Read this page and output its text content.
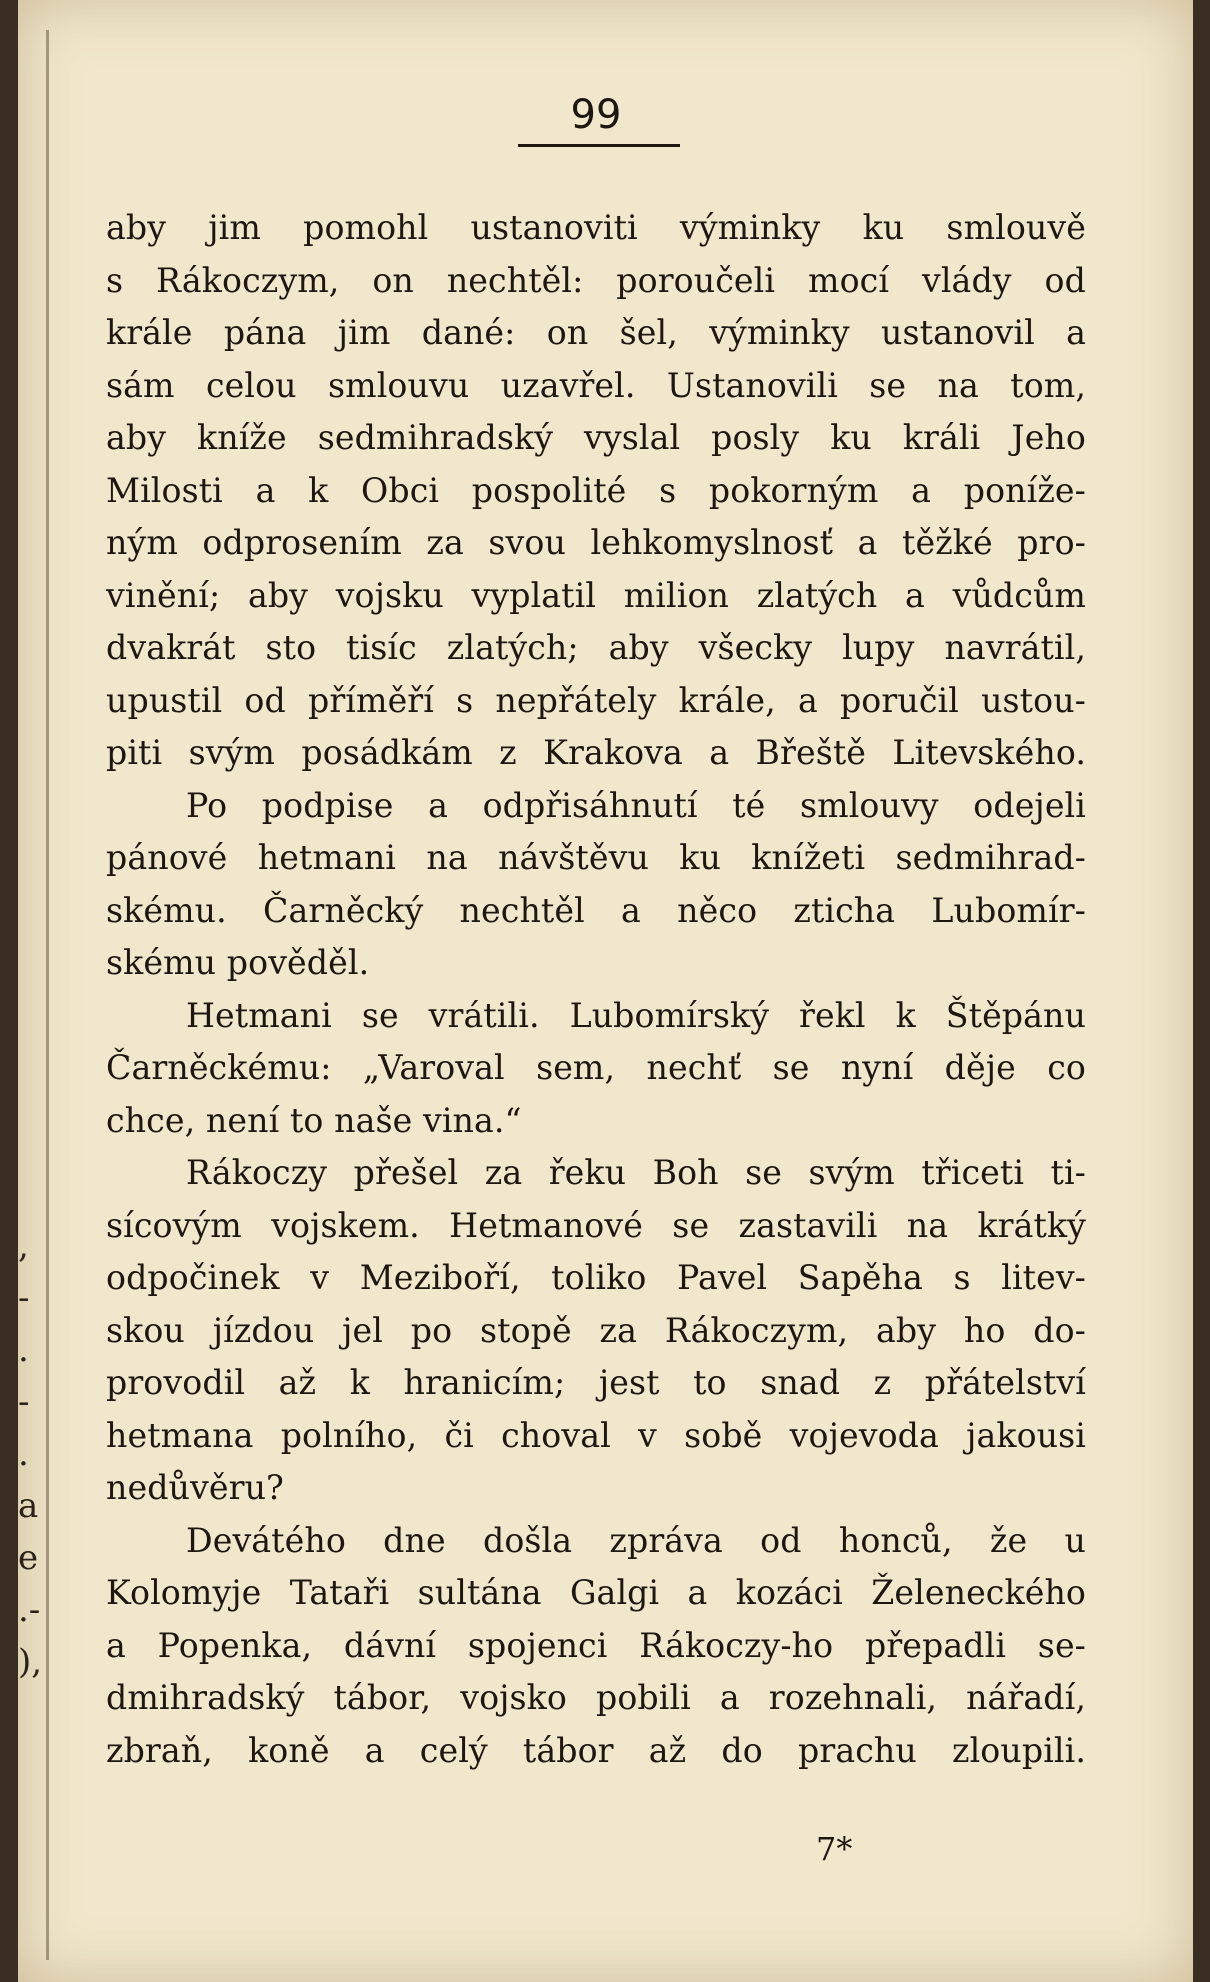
,
-
.
-
.
a
e
.-
),
99
aby jim pomohl ustanoviti výminky ku smlouvě
s Rákoczym, on nechtěl: poroučeli mocí vlády od
krále pána jim dané: on šel, výminky ustanovil a
sám celou smlouvu uzavřel. Ustanovili se na tom,
aby kníže sedmihradský vyslal posly ku králi Jeho
Milosti a k Obci pospolité s pokorným a poníže-
ným odprosením za svou lehkomyslnosť a těžké pro-
vinění; aby vojsku vyplatil milion zlatých a vůdcům
dvakrát sto tisíc zlatých; aby všecky lupy navrátil,
upustil od příměří s nepřátely krále, a poručil ustou-
piti svým posádkám z Krakova a Břeště Litevského.
Po podpise a odpřisáhnutí té smlouvy odejeli
pánové hetmani na návštěvu ku knížeti sedmihrad-
skému. Čarněcký nechtěl a něco zticha Lubomír-
skému pověděl.
Hetmani se vrátili. Lubomírský řekl k Štěpánu
Čarněckému: „Varoval sem, nechť se nyní děje co
chce, není to naše vina.“
Rákoczy přešel za řeku Boh se svým třiceti ti-
sícovým vojskem. Hetmanové se zastavili na krátký
odpočinek v Meziboří, toliko Pavel Sapěha s litev-
skou jízdou jel po stopě za Rákoczym, aby ho do-
provodil až k hranicím; jest to snad z přátelství
hetmana polního, či choval v sobě vojevoda jakousi
nedůvěru?
Devátého dne došla zpráva od honců, že u
Kolomyje Tataři sultána Galgi a kozáci Želeneckého
a Popenka, dávní spojenci Rákoczy-ho přepadli se-
dmihradský tábor, vojsko pobili a rozehnali, nářadí,
zbraň, koně a celý tábor až do prachu zloupili.
7*
